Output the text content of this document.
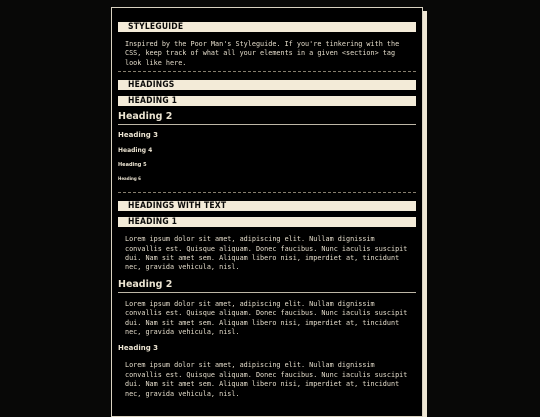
STYLEGUIDE
Inspired by the Poor Man's Styleguide. If you're tinkering with the CSS, keep track of what all your elements in a given <section> tag look like here.
HEADINGS
HEADING 1
Heading 2
Heading 3
Heading 4
Heading 5
Heading 6
HEADINGS WITH TEXT
HEADING 1
Lorem ipsum dolor sit amet, adipiscing elit. Nullam dignissim convallis est. Quisque aliquam. Donec faucibus. Nunc iaculis suscipit dui. Nam sit amet sem. Aliquam libero nisi, imperdiet at, tincidunt nec, gravida vehicula, nisl.
Heading 2
Lorem ipsum dolor sit amet, adipiscing elit. Nullam dignissim convallis est. Quisque aliquam. Donec faucibus. Nunc iaculis suscipit dui. Nam sit amet sem. Aliquam libero nisi, imperdiet at, tincidunt nec, gravida vehicula, nisl.
Heading 3
Lorem ipsum dolor sit amet, adipiscing elit. Nullam dignissim convallis est. Quisque aliquam. Donec faucibus. Nunc iaculis suscipit dui. Nam sit amet sem. Aliquam libero nisi, imperdiet at, tincidunt nec, gravida vehicula, nisl.
